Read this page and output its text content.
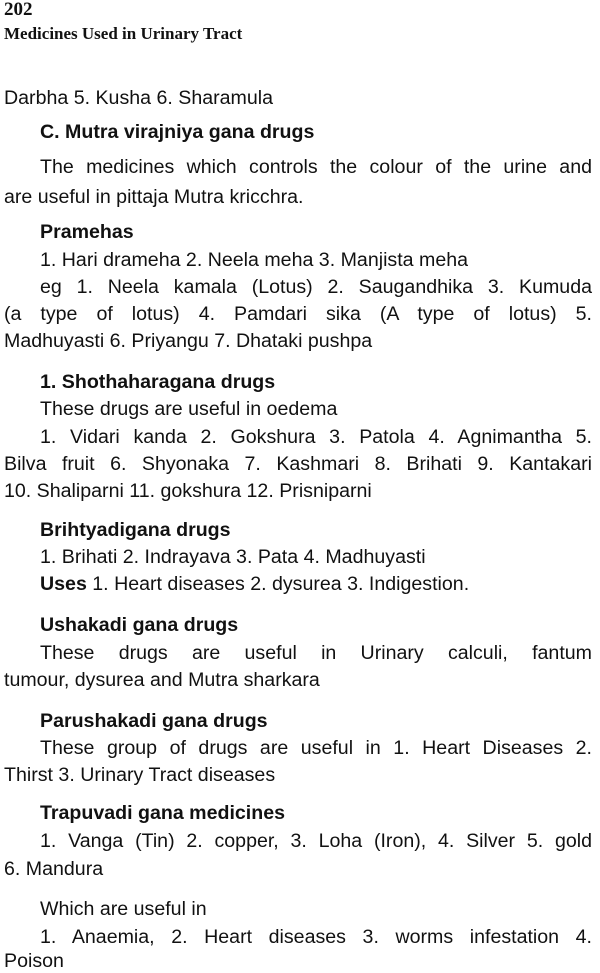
202
Medicines Used in Urinary Tract
Darbha 5. Kusha 6. Sharamula
C. Mutra virajniya gana drugs
The medicines which controls the colour of the urine and
are useful in pittaja Mutra kricchra.
Pramehas
1. Hari drameha 2. Neela meha 3. Manjista meha
eg 1. Neela kamala (Lotus) 2. Saugandhika 3. Kumuda
(a type of lotus) 4. Pamdari sika (A type of lotus) 5.
Madhuyasti 6. Priyangu 7. Dhataki pushpa
1. Shothaharagana drugs
These drugs are useful in oedema
1. Vidari kanda 2. Gokshura 3. Patola 4. Agnimantha 5.
Bilva fruit 6. Shyonaka 7. Kashmari 8. Brihati 9. Kantakari
10. Shaliparni 11. gokshura 12. Prisniparni
Brihtyadigana drugs
1. Brihati 2. Indrayava 3. Pata 4. Madhuyasti
Uses 1. Heart diseases 2. dysurea 3. Indigestion.
Ushakadi gana drugs
These drugs are useful in Urinary calculi, fantum
tumour, dysurea and Mutra sharkara
Parushakadi gana drugs
These group of drugs are useful in 1. Heart Diseases 2.
Thirst 3. Urinary Tract diseases
Trapuvadi gana medicines
1. Vanga (Tin) 2. copper, 3. Loha (Iron), 4. Silver 5. gold
6. Mandura
Which are useful in
1. Anaemia, 2. Heart diseases 3. worms infestation 4.
Poison
